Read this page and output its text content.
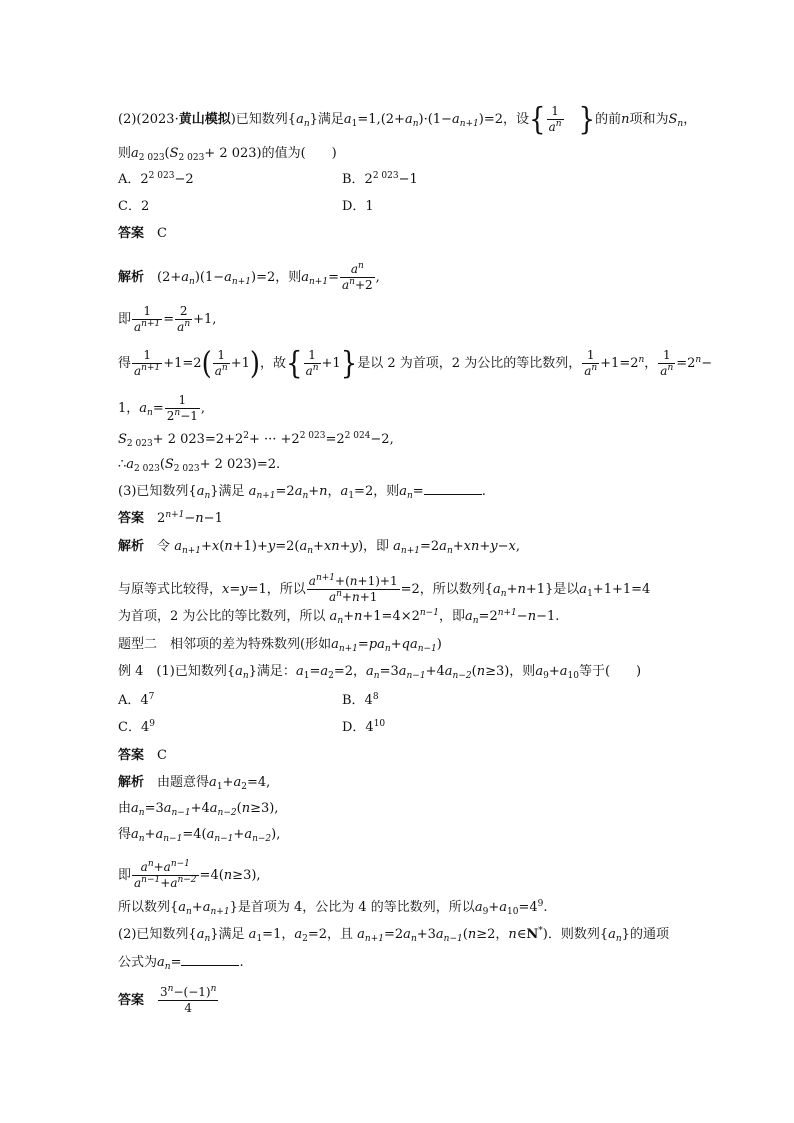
(2)(2023·黄山模拟)已知数列$\{a_n\}$满足$a_1=1,(2+a_n)\cdot(1-a_{n+1})=2$，设{ $\frac{1}{a^n}$ }的前n项和为$S_n$，
则$a_{2 023}(S_{2 023}+ 2$ 023)的值为(　　)
A．$2^{2 023}-2$	B．$2^{2 023}-1$
C．2	D．1
答案　 C
解析　 $(2+a_n)(1-a_{n+1})=2$，则$a_{n+1}= \frac{a^n}{a^n+2}$ ,
即 $\frac{1}{a^{n+1}} = \frac{2}{a^n} +1$,
得 $\frac{1}{a^{n+1}} +1=2( \frac{1}{a^n} +1)$，故{ $\frac{1}{a^n} +1$}是以 2 为首项，2 为公比的等比数列， $\frac{1}{a^n} +1=2^n$， $\frac{1}{a^n} =2^n-$
1，$a_n= \frac{1}{2^n-1}$ ,
$S_{2 023}+ 2$ $023=2+2^2+$ ··· $+2^{2 023}=2^{2 024}-2$,
$\therefore a_{2 023}(S_{2 023}+ 2$ 023)=2.
(3)已知数列$\{a_n\}$满足 $a_{n+1}=2a_n+n$，$a_1=2$，则$a_n=$	.
答案　 $2^{n+1}-n-1$
解析　 令 $a_{n+1}+x(n+1)+y=2(a_n+xn+y)$，即 $a_{n+1}=2a_n+xn+y-x$,
与原等式比较得，x=y=1，所以 $\frac{a^{n+1}+(n+1)+1}{a^n+n+1} =2$，所以数列$\{a_n+n+1\}$是以$a_1+1+1=4$
为首项，2 为公比的等比数列，所以 $a_n+n+1=4\times 2^{n-1}$，即$a_n=2^{n+1}-n-1$.
题型二　相邻项的差为特殊数列(形如$a_{n+1}=pa_n+qa_{n-1}$)
例 4　(1)已知数列$\{a_n\}$满足：$a_1=a_2=2$，$a_n=3a_{n-1}+4a_{n-2}(n\ge 3)$，则$a_9+a_{10}$等于(　　)
A．$4^7$	B．$4^8$
C．$4^9$	D．$4^{10}$
答案　 C
解析　 由题意得$a_1+a_2=4$,
由$a_n=3a_{n-1}+4a_{n-2}(n\ge 3)$,
得$a_n+a_{n-1}=4(a_{n-1}+a_{n-2})$,
即 $\frac{a^n+a^{n-1}}{a^{n-1}+a^{n-2}} =4(n\ge 3)$,
所以数列$\{a_n+a_{n+1}\}$是首项为 4，公比为 4 的等比数列，所以$a_9+a_{10}=4^9$.
(2)已知数列$\{a_n\}$满足 $a_1=1$，$a_2=2$，且 $a_{n+1}=2a_n+3a_{n-1}(n\ge 2$，n∈N*)．则数列$\{a_n\}$的通项
公式为$a_n=$	.
答案　 $\frac{3^n-(-1)^n}{4}$
